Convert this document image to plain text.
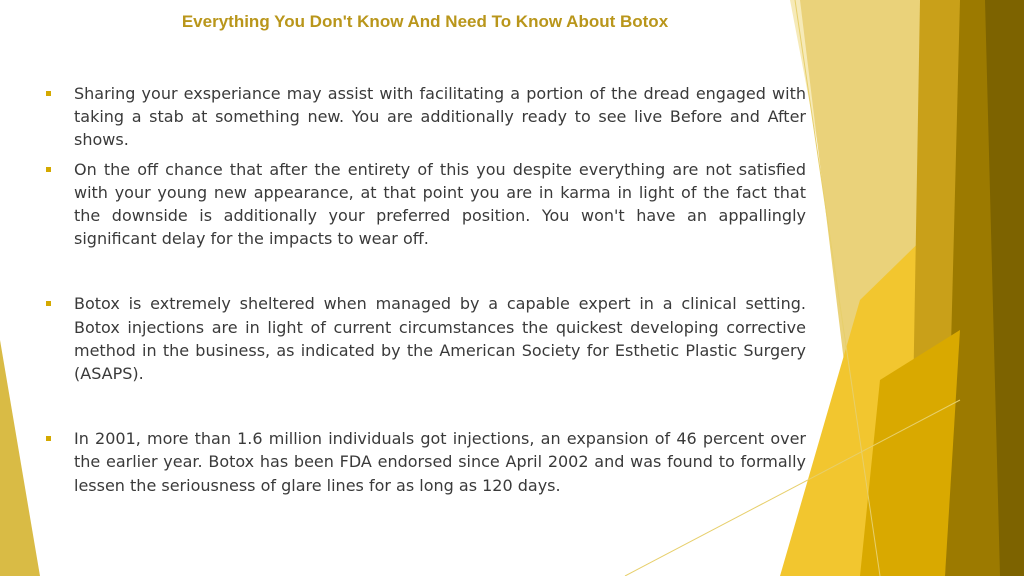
Everything You Don't Know And Need To Know About Botox
Sharing your exsperiance may assist with facilitating a portion of the dread engaged with taking a stab at something new. You are additionally ready to see live Before and After shows.
On the off chance that after the entirety of this you despite everything are not satisfied with your young new appearance, at that point you are in karma in light of the fact that the downside is additionally your preferred position. You won't have an appallingly significant delay for the impacts to wear off.
Botox is extremely sheltered when managed by a capable expert in a clinical setting. Botox injections are in light of current circumstances the quickest developing corrective method in the business, as indicated by the American Society for Esthetic Plastic Surgery (ASAPS).
In 2001, more than 1.6 million individuals got injections, an expansion of 46 percent over the earlier year. Botox has been FDA endorsed since April 2002 and was found to formally lessen the seriousness of glare lines for as long as 120 days.
